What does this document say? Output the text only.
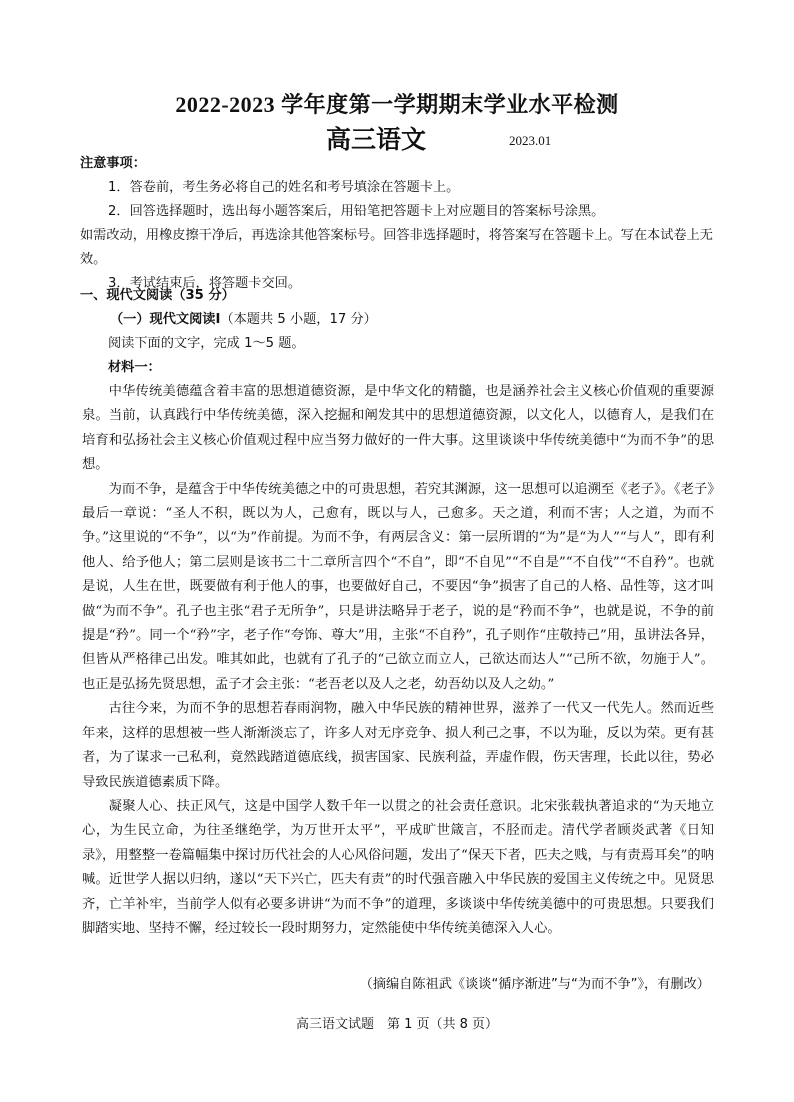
2022-2023 学年度第一学期期末学业水平检测
高三语文	2023.01
注意事项：
1．答卷前，考生务必将自己的姓名和考号填涂在答题卡上。
2．回答选择题时，选出每小题答案后，用铅笔把答题卡上对应题目的答案标号涂黑。
如需改动，用橡皮擦干净后，再选涂其他答案标号。回答非选择题时，将答案写在答题卡上。写在本试卷上无效。
3．考试结束后，将答题卡交回。
一、现代文阅读（35 分）
（一）现代文阅读Ⅰ（本题共 5 小题，17 分）
阅读下面的文字，完成 1～5 题。
材料一：

中华传统美德蕴含着丰富的思想道德资源，是中华文化的精髓，也是涵养社会主义核心价值观的重要源泉。当前，认真践行中华传统美德，深入挖掘和阐发其中的思想道德资源，以文化人，以德育人，是我们在培育和弘扬社会主义核心价值观过程中应当努力做好的一件大事。这里谈谈中华传统美德中“为而不争”的思想。

为而不争，是蕴含于中华传统美德之中的可贵思想，若究其渊源，这一思想可以追溯至《老子》。《老子》最后一章说：“圣人不积，既以为人，己愈有，既以与人，己愈多。天之道，利而不害；人之道，为而不争。”这里说的“不争”，以“为”作前提。为而不争，有两层含义：第一层所谓的“为”是“为人”“与人”，即有利他人、给予他人；第二层则是该书二十二章所言四个“不自”，即“不自见”“不自是”“不自伐”“不自矜”。也就是说，人生在世，既要做有利于他人的事，也要做好自己，不要因“争”损害了自己的人格、品性等，这才叫做“为而不争”。孔子也主张“君子无所争”，只是讲法略异于老子，说的是“矜而不争”，也就是说，不争的前提是“矜”。同一个“矜”字，老子作“夸饰、尊大”用，主张“不自矜”，孔子则作“庄敬持己”用，虽讲法各异，但皆从严格律己出发。唯其如此，也就有了孔子的“己欲立而立人，己欲达而达人”“己所不欲，勿施于人”。也正是弘扬先贤思想，孟子才会主张：“老吾老以及人之老，幼吾幼以及人之幼。”

古往今来，为而不争的思想若春雨润物，融入中华民族的精神世界，滋养了一代又一代先人。然而近些年来，这样的思想被一些人渐渐淡忘了，许多人对无序竞争、损人利己之事，不以为耻，反以为荣。更有甚者，为了谋求一己私利，竟然践踏道德底线，损害国家、民族利益，弄虚作假，伤天害理，长此以往，势必导致民族道德素质下降。

凝聚人心、扶正风气，这是中国学人数千年一以贯之的社会责任意识。北宋张载执著追求的“为天地立心，为生民立命，为往圣继绝学，为万世开太平”，平成旷世箴言，不胫而走。清代学者顾炎武著《日知录》，用整整一卷篇幅集中探讨历代社会的人心风俗问题，发出了“保天下者，匹夫之贱，与有责焉耳矣”的呐喊。近世学人据以归纳，遂以“天下兴亡，匹夫有责”的时代强音融入中华民族的爱国主义传统之中。见贤思齐，亡羊补牢，当前学人似有必要多讲讲“为而不争”的道理，多谈谈中华传统美德中的可贵思想。只要我们脚踏实地、坚持不懈，经过较长一段时期努力，定然能使中华传统美德深入人心。

（摘编自陈祖武《谈谈“循序渐进”与“为而不争”》，有删改）
高三语文试题　第 1 页（共 8 页）
